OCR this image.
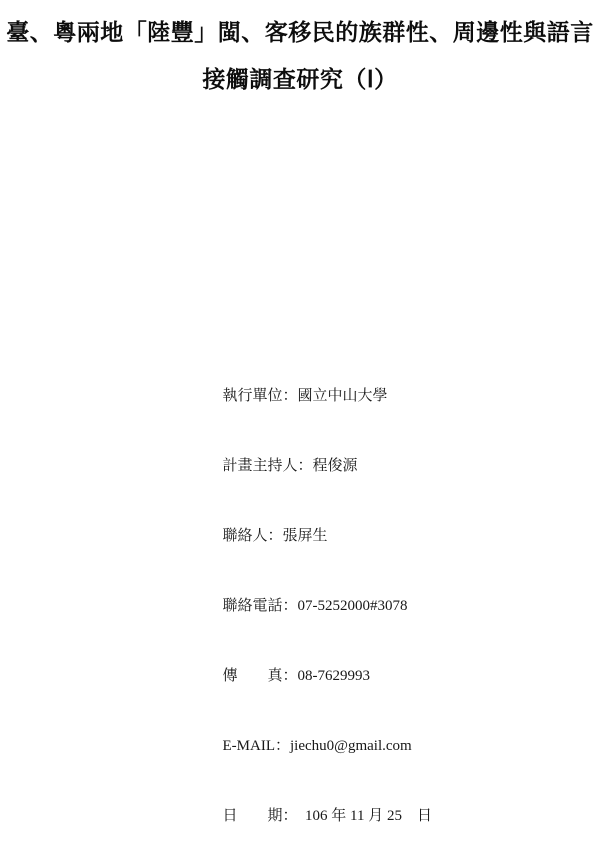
臺、粵兩地「陸豐」閩、客移民的族群性、周邊性與語言
接觸調查研究（Ⅰ）

執行單位：國立中山大學

計畫主持人：程俊源

聯絡人：張屏生

聯絡電話：07-5252000#3078

傳　　真：08-7629993

E-MAIL：jiechu0@gmail.com

日　　期：　106 年 11 月 25　日
